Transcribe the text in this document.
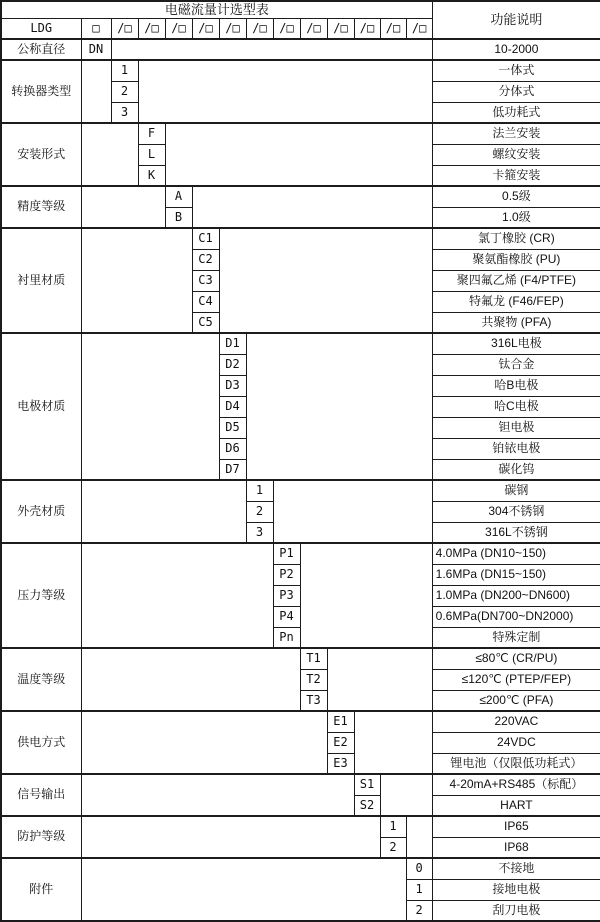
电磁流量计选型表														功能说明
LDG	□	/□	/□	/□	/□	/□	/□	/□	/□	/□	/□	/□	/□	
公称直径	DN													10-2000
转换器类型		1												一体式
		2												分体式
		3												低功耗式
安装形式			F											法兰安装
			L											螺纹安装
			K											卡箍安装
精度等级				A										0.5级
				B										1.0级
衬里材质					C1									氯丁橡胶 (CR)
					C2									聚氨酯橡胶 (PU)
					C3									聚四氟乙烯 (F4/PTFE)
					C4									特氟龙 (F46/FEP)
					C5									共聚物 (PFA)
电极材质						D1								316L电极
						D2								钛合金
						D3								哈B电极
						D4								哈C电极
						D5								钽电极
						D6								铂铱电极
						D7								碳化钨
外壳材质							1							碳钢
							2							304不锈钢
							3							316L不锈钢
压力等级								P1						4.0MPa (DN10~150)
								P2						1.6MPa (DN15~150)
								P3						1.0MPa (DN200~DN600)
								P4						0.6MPa(DN700~DN2000)
								Pn						特殊定制
温度等级									T1					≤80℃ (CR/PU)
									T2					≤120℃ (PTEP/FEP)
									T3					≤200℃ (PFA)
供电方式										E1				220VAC
										E2				24VDC
										E3				锂电池（仅限低功耗式）
信号输出											S1			4-20mA+RS485（标配）
											S2			HART
防护等级												1		IP65
												2		IP68
附件													0	不接地
													1	接地电极
													2	刮刀电极
